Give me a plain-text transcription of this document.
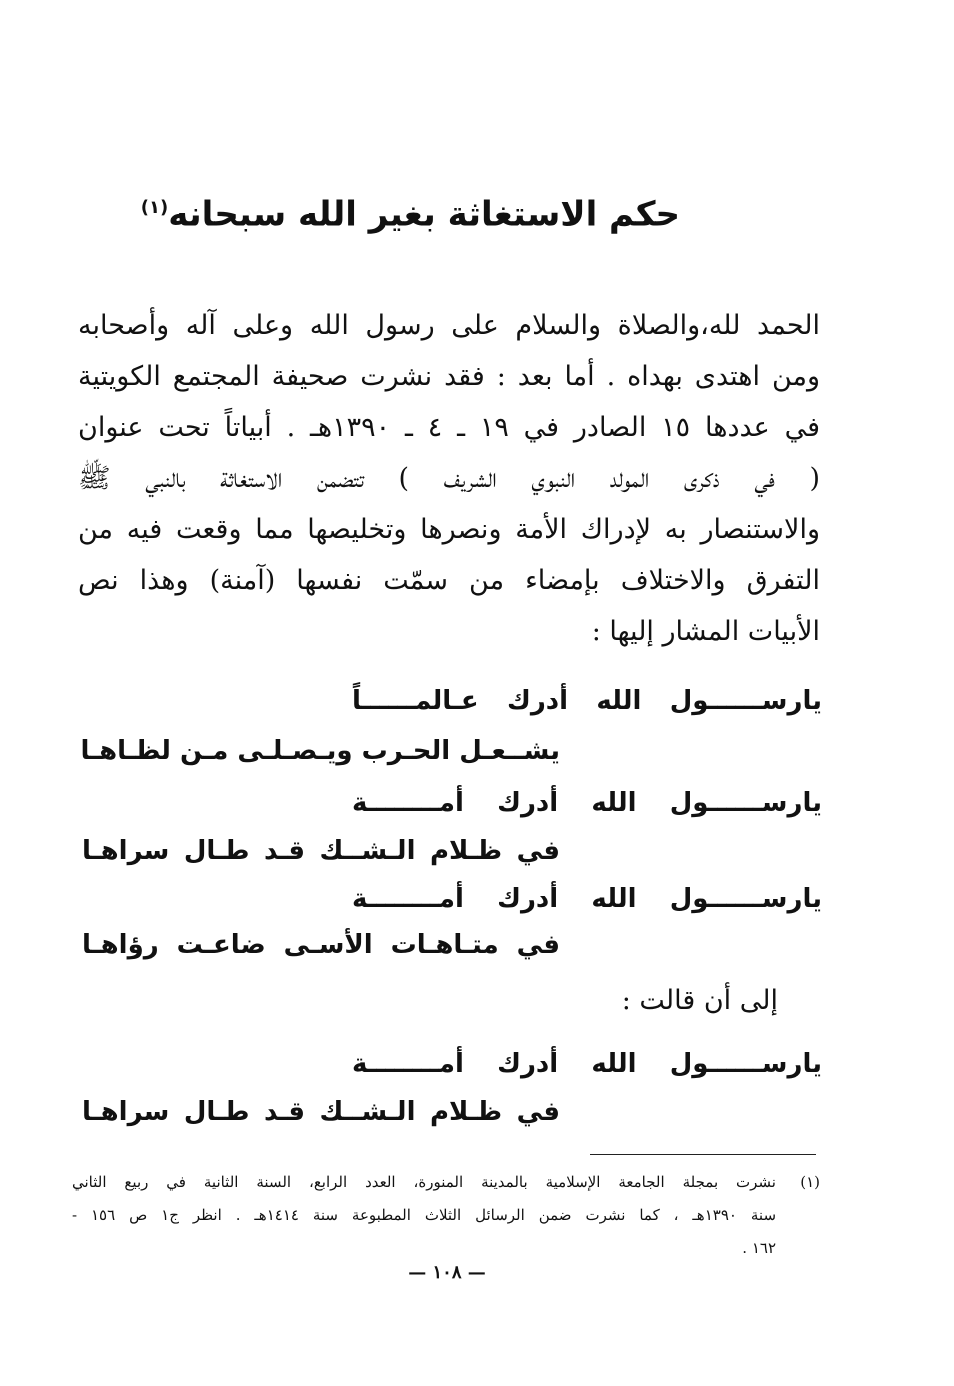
حكم الاستغاثة بغير الله سبحانه$^{(١)}$
الحمد لله،والصلاة والسلام على رسول الله وعلى آله وأصحابه
ومن اهتدى بهداه . أما بعد : فقد نشرت صحيفة المجتمع الكويتية
في عددها ١٥ الصادر في ١٩ ـ ٤ ـ ١٣٩٠هـ . أبياتاً تحت عنوان
( في ذكرى المولد النبوي الشريف ) تتضمن الاستغاثة بالنبي ﷺ
والاستنصار به لإدراك الأمة ونصرها وتخليصها مما وقعت فيه من
التفرق والاختلاف بإمضاء من سمّت نفسها (آمنة) وهذا نص
الأبيات المشار إليها :
يارســــــول الله أدرك عـالمــــــاً
يشــعـل الحـرب ويـصـلـى مـن لظـاهـا
يارســــــول الله أدرك أمــــــــة
في ظـلام الـشــك قـد طـال سراهـا
يارســــــول الله أدرك أمــــــــة
في متـاهـات الأسـى ضاعـت رؤاهـا
إلى أن قالت :
يارســــــول الله أدرك أمــــــــة
في ظـلام الـشــك قـد طـال سراهـا
(١)
نشرت بمجلة الجامعة الإسلامية بالمدينة المنورة، العدد الرابع، السنة الثانية في ربيع الثاني
سنة ١٣٩٠هـ ، كما نشرت ضمن الرسائل الثلاث المطبوعة سنة ١٤١٤هـ . انظر ج١ ص ١٥٦ -
١٦٢ .
— ١٠٨ —
